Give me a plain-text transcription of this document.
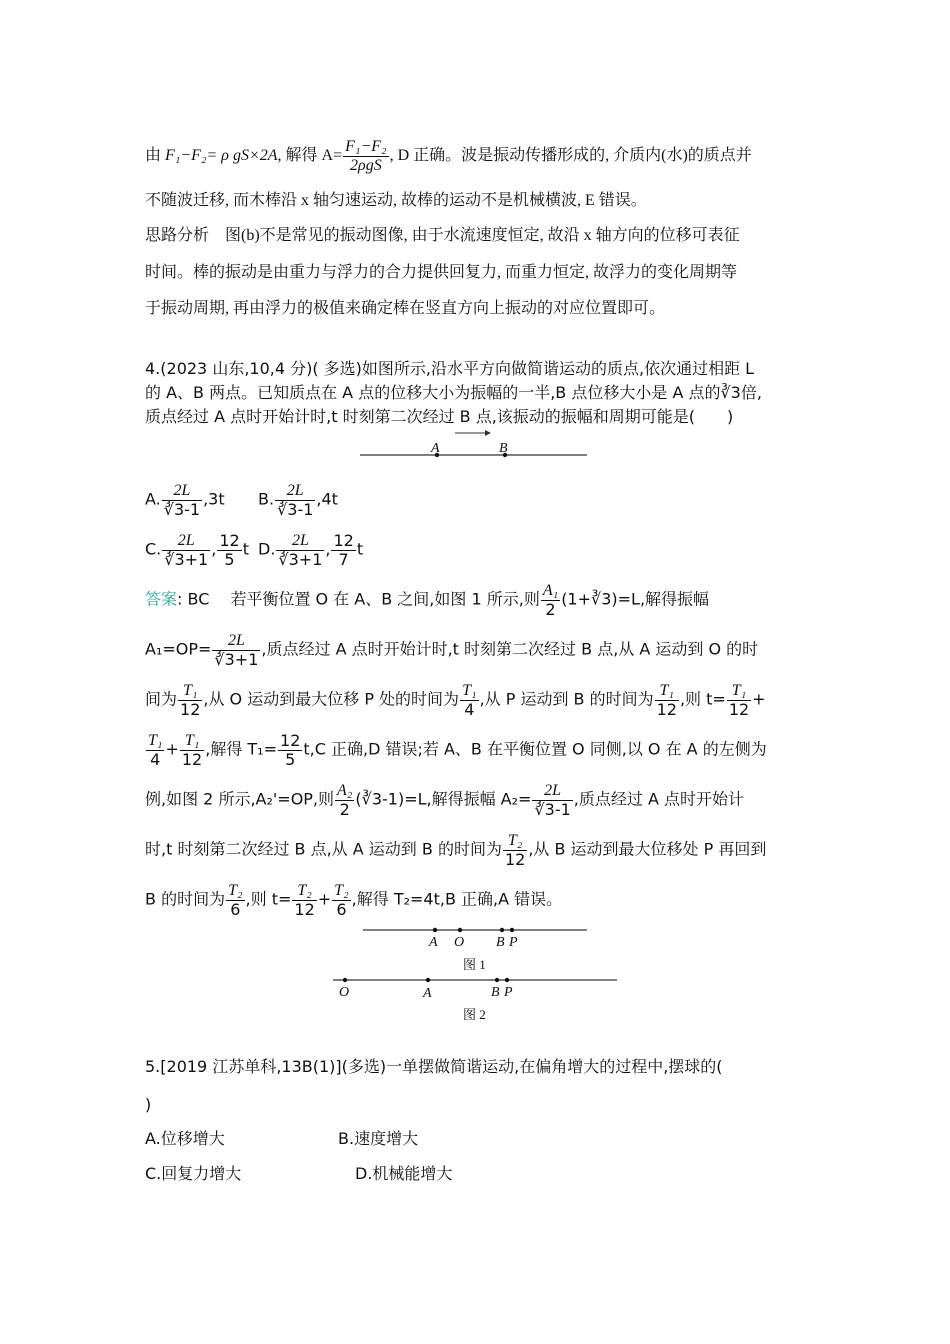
由 F₁−F₂= ρ gS×2A, 解得 $A= \frac{\text{F₁−F₂}}{\text{2ρgS}}$ , D 正确。波是振动传播形成的, 介质内(水)的质点并
不随波迁移, 而木棒沿 x 轴匀速运动, 故棒的运动不是机械横波, E 错误。
思路分析　图(b)不是常见的振动图像, 由于水流速度恒定, 故沿 x 轴方向的位移可表征
时间。棒的振动是由重力与浮力的合力提供回复力, 而重力恒定, 故浮力的变化周期等
于振动周期, 再由浮力的极值来确定棒在竖直方向上振动的对应位置即可。
4.(2023 山东,10,4 分)( 多选)如图所示,沿水平方向做简谐运动的质点,依次通过相距 L
的 A、B 两点。已知质点在 A 点的位移大小为振幅的一半,B 点位移大小是 A 点的∛3倍,
质点经过 A 点时开始计时,t 时刻第二次经过 B 点,该振动的振幅和周期可能是(　　)
A	B
A. $\frac{2L}{∛3-1} ,3t$ B. $\frac{2L}{∛3-1} ,4t$
C. $\frac{2L}{∛3+1}$ , $\frac{12}{5}$ t D. $\frac{2L}{∛3+1}$ , $\frac{12}{7}$ t
答案: BC　 若平衡位置 O 在 A、B 之间,如图 1 所示,则 $\frac{\text{A₁}}{2}$ (1+∛3)=L,解得振幅
$A_1=OP= \frac{2L}{∛3+1}$ ,质点经过 A 点时开始计时,t 时刻第二次经过 B 点,从 A 运动到 O 的时
间为 $\frac{\text{T₁}}{12}$ ,从 O 运动到最大位移 P 处的时间为 $\frac{\text{T₁}}{4}$ ,从 P 运动到 B 的时间为 $\frac{\text{T₁}}{12}$ ,则 $t= \frac{\text{T₁}}{12}$ +
$\frac{\text{T₁}}{4} + \frac{\text{T₁}}{12}$ ,解得 $T_1= \frac{12}{5} t,C$ 正确,D 错误;若 A、B 在平衡位置 O 同侧,以 O 在 A 的左侧为
例,如图 2 所示,A₂'=OP,则 $\frac{\text{A₂}}{2}$ (∛3-1)=L,解得振幅 $A_2= \frac{2L}{∛3-1}$ ,质点经过 A 点时开始计
时,t 时刻第二次经过 B 点,从 A 运动到 B 的时间为 $\frac{\text{T₂}}{12}$ ,从 B 运动到最大位移处 P 再回到
B 的时间为 $\frac{\text{T₂}}{6}$ ,则 $t= \frac{\text{T₂}}{12} + \frac{\text{T₂}}{6}$ ,解得 T₂=4t,B 正确,A 错误。
A O B P
图 1
O	A	B P
图 2
5.[2019 江苏单科,13B(1)](多选)一单摆做简谐运动,在偏角增大的过程中,摆球的(
)
A.位移增大	B.速度增大
C.回复力增大	D.机械能增大
